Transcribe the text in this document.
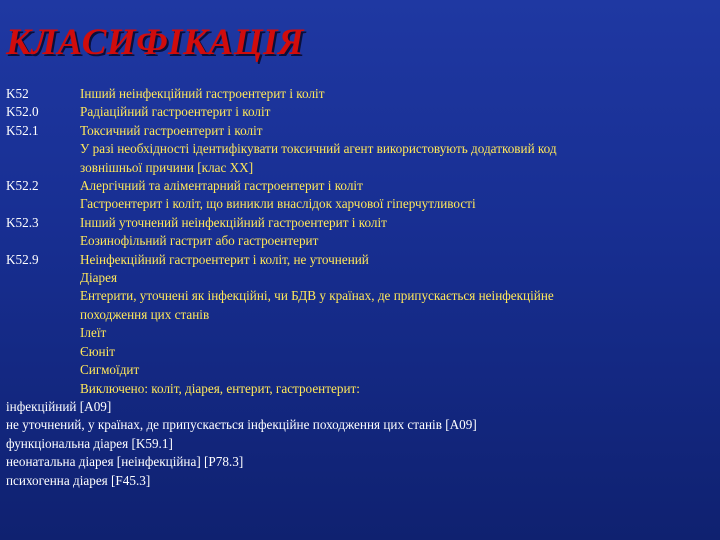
КЛАСИФІКАЦІЯ
K52	Інший неінфекційний гастроентерит і коліт
K52.0	Радіаційний гастроентерит і коліт
K52.1	Токсичний гастроентерит і коліт
У разі необхідності ідентифікувати токсичний агент використовують додатковий код
зовнішньої причини [клас XX]
K52.2	Алергічний та аліментарний гастроентерит і коліт
Гастроентерит і коліт, що виникли внаслідок харчової гіперчутливості
K52.3	Інший уточнений неінфекційний гастроентерит і коліт
Еозинофільний гастрит або гастроентерит
K52.9	Неінфекційний гастроентерит і коліт, не уточнений
Діарея
Ентерити, уточнені як інфекційні, чи БДВ у країнах, де припускається неінфекційне
походження цих станів
Ілеїт
Єюніт
Сигмоїдит
Виключено: коліт, діарея, ентерит, гастроентерит:
інфекційний [A09]
не уточнений, у країнах, де припускається інфекційне походження цих станів [A09]
функціональна діарея [K59.1]
неонатальна діарея [неінфекційна] [P78.3]
психогенна діарея [F45.3]
